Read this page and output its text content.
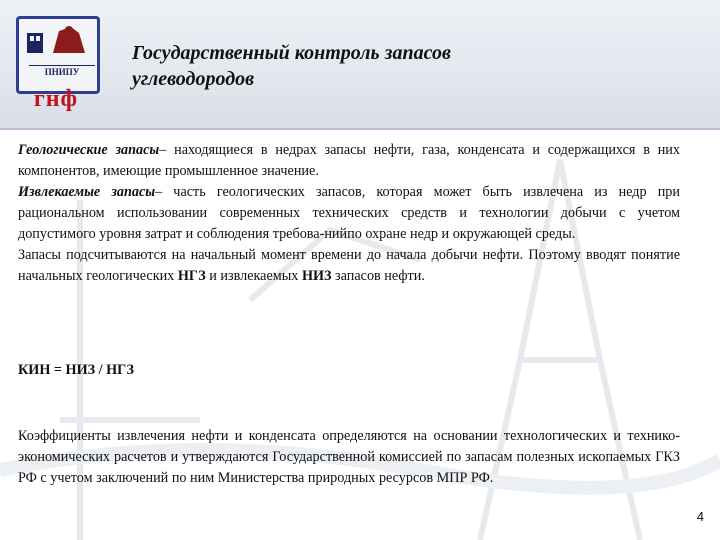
ПНИПУ
гнф
Государственный контроль запасов
углеводородов

Геологические запасы– находящиеся в недрах запасы нефти, газа, конденсата и содержащихся в них компонентов, имеющие промышленное значение.

Извлекаемые запасы– часть геологических запасов, которая может быть извлечена из недр при рациональном использовании современных технических средств и технологии добычи с учетом допустимого уровня затрат и соблюдения требова-нийпо охране недр и окружающей среды.

Запасы подсчитываются на начальный момент времени до начала добычи нефти. Поэтому вводят понятие начальных геологических НГЗ и извлекаемых НИЗ запасов нефти.

КИН = НИЗ / НГЗ
Коэффициенты извлечения нефти и конденсата определяются на основании технологических и технико-экономических расчетов и утверждаются Государственной комиссией по запасам полезных ископаемых ГКЗ РФ с учетом заключений по ним Министерства природных ресурсов МПР РФ.
4
